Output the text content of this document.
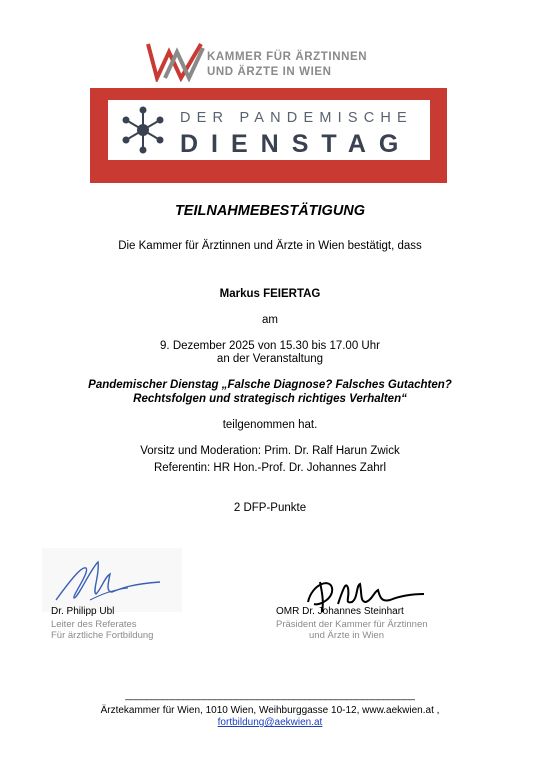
KAMMER FÜR ÄRZTINNEN
UND ÄRZTE IN WIEN
DER PANDEMISCHE
DIENSTAG
TEILNAHMEBESTÄTIGUNG
Die Kammer für Ärztinnen und Ärzte in Wien bestätigt, dass
Markus FEIERTAG
am
9. Dezember 2025 von 15.30 bis 17.00 Uhr
an der Veranstaltung
Pandemischer Dienstag „Falsche Diagnose? Falsches Gutachten?
Rechtsfolgen und strategisch richtiges Verhalten“
teilgenommen hat.
Vorsitz und Moderation: Prim. Dr. Ralf Harun Zwick
Referentin: HR Hon.-Prof. Dr. Johannes Zahrl
2 DFP-Punkte
Dr. Philipp Ubl
Leiter des Referates
Für ärztliche Fortbildung
OMR Dr. Johannes Steinhart
Präsident der Kammer für Ärztinnen
und Ärzte in Wien
_______________________________________________________
Ärztekammer für Wien, 1010 Wien, Weihburggasse 10-12, www.aekwien.at ,
fortbildung@aekwien.at
